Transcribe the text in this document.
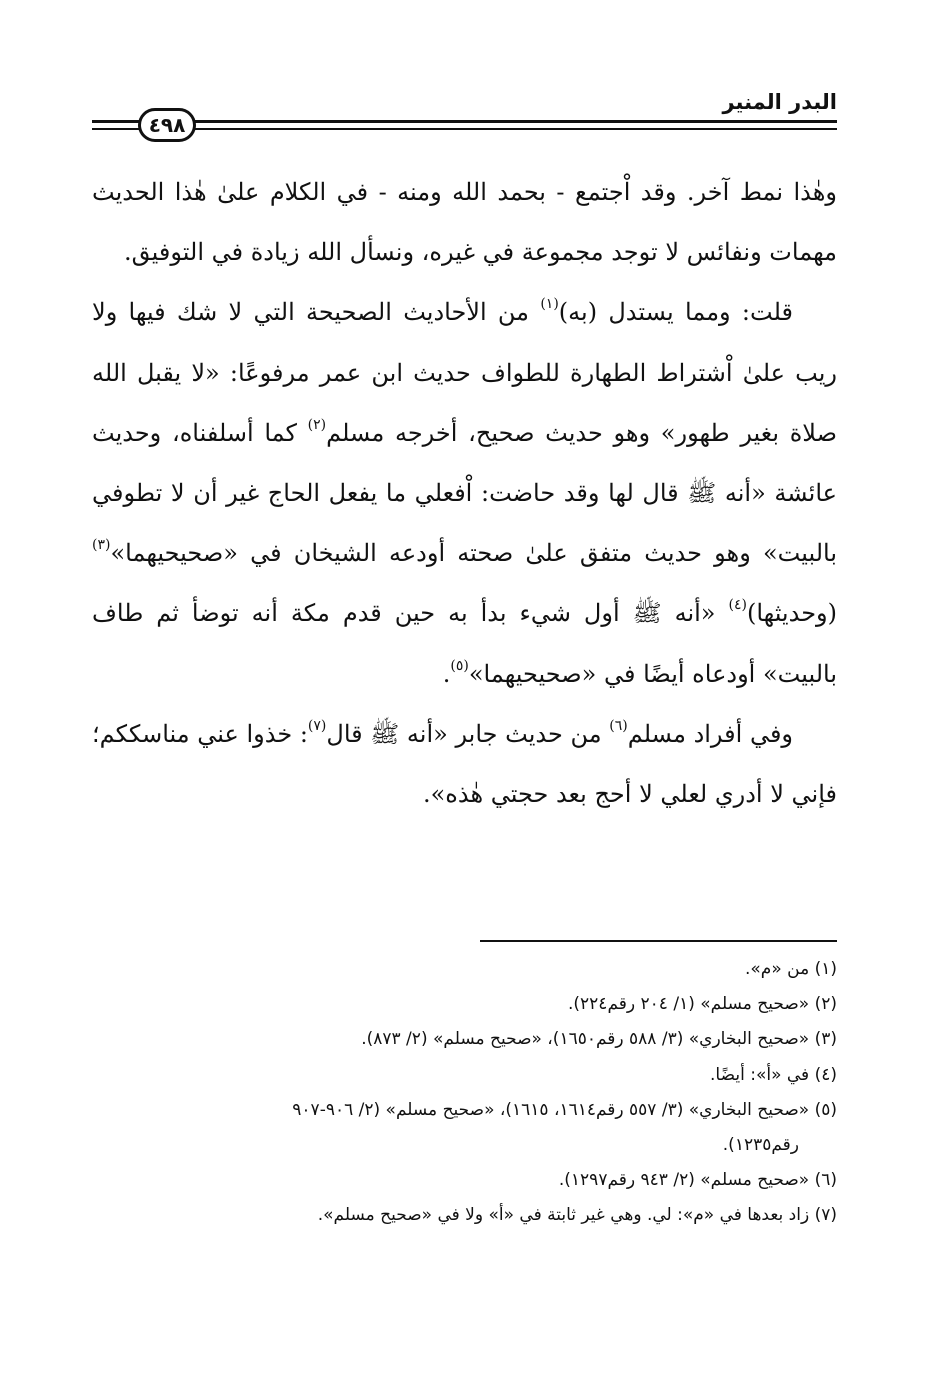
البدر المنير
٤٩٨

وهٰذا نمط آخر. وقد اْجتمع - بحمد الله ومنه - في الكلام علىٰ هٰذا الحديث مهمات ونفائس لا توجد مجموعة في غيره، ونسأل الله زيادة في التوفيق.

قلت: ومما يستدل (به)$^{(١)}$ من الأحاديث الصحيحة التي لا شك فيها ولا ريب علىٰ اْشتراط الطهارة للطواف حديث ابن عمر مرفوعًا: «لا يقبل الله صلاة بغير طهور» وهو حديث صحيح، أخرجه مسلم$^{(٢)}$ كما أسلفناه، وحديث عائشة «أنه ﷺ قال لها وقد حاضت: اْفعلي ما يفعل الحاج غير أن لا تطوفي بالبيت» وهو حديث متفق علىٰ صحته أودعه الشيخان في «صحيحيهما»$^{(٣)}$ (وحديثها)$^{(٤)}$ «أنه ﷺ أول شيء بدأ به حين قدم مكة أنه توضأ ثم طاف بالبيت» أودعاه أيضًا في «صحيحيهما»$^{(٥)}$.

وفي أفراد مسلم$^{(٦)}$ من حديث جابر «أنه ﷺ قال$^{(٧)}$: خذوا عني مناسككم؛ فإني لا أدري لعلي لا أحج بعد حجتي هٰذه».

(١) من «م».

(٢) «صحيح مسلم» (١/ ٢٠٤ رقم٢٢٤).

(٣) «صحيح البخاري» (٣/ ٥٨٨ رقم١٦٥٠)، «صحيح مسلم» (٢/ ٨٧٣).

(٤) في «أ»: أيضًا.

(٥) «صحيح البخاري» (٣/ ٥٥٧ رقم١٦١٤، ١٦١٥)، «صحيح مسلم» (٢/ ٩٠٦-٩٠٧
رقم١٢٣٥).

(٦) «صحيح مسلم» (٢/ ٩٤٣ رقم١٢٩٧).

(٧) زاد بعدها في «م»: لي. وهي غير ثابتة في «أ» ولا في «صحيح مسلم».
